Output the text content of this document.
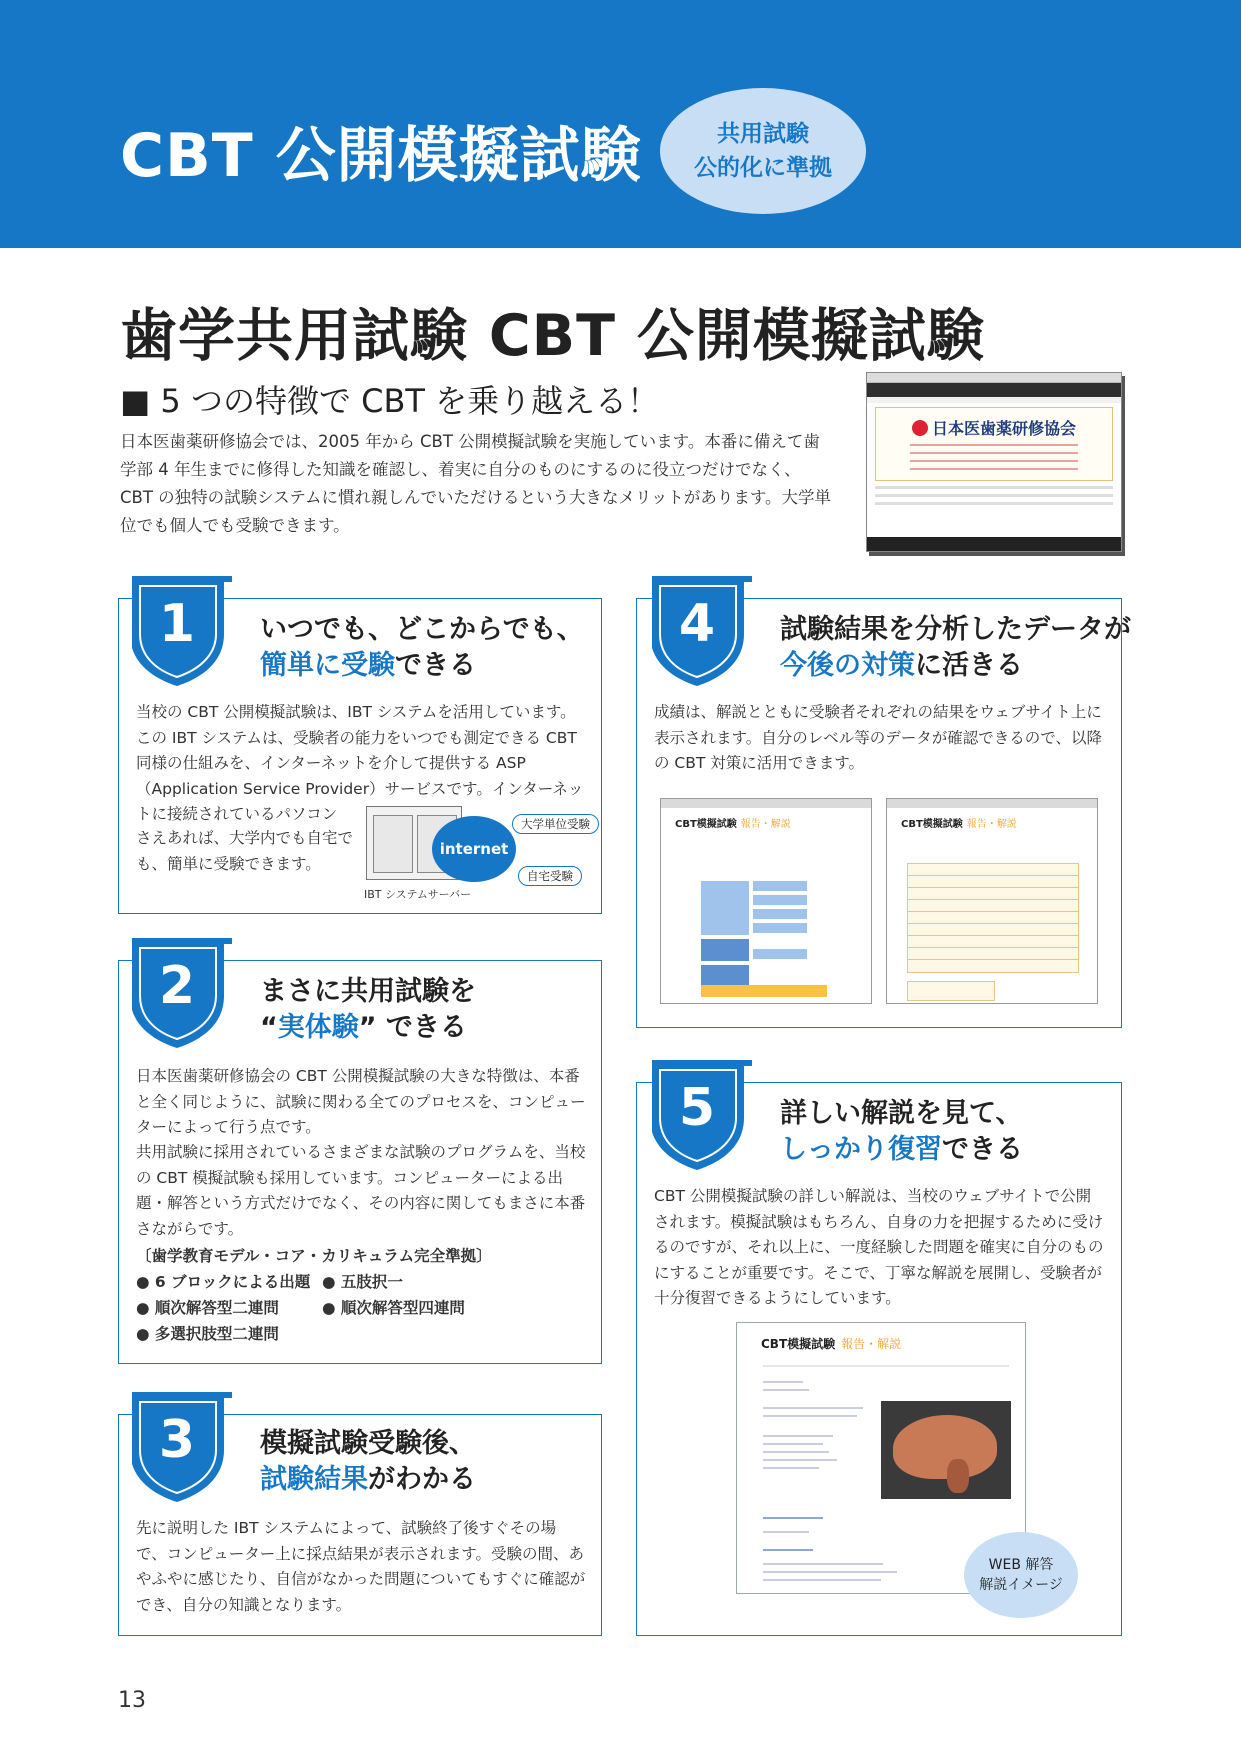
CBT 公開模擬試験	共用試験
公的化に準拠
歯学共用試験 CBT 公開模擬試験
■ 5 つの特徴で CBT を乗り越える！
日本医歯薬研修協会では、2005 年から CBT 公開模擬試験を実施しています。本番に備えて歯学部 4 年生までに修得した知識を確認し、着実に自分のものにするのに役立つだけでなく、CBT の独特の試験システムに慣れ親しんでいただけるという大きなメリットがあります。大学単位でも個人でも受験できます。
日本医歯薬研修協会
1	いつでも、どこからでも、
簡単に受験できる
当校の CBT 公開模擬試験は、IBT システムを活用しています。この IBT システムは、受験者の能力をいつでも測定できる CBT 同様の仕組みを、インターネットを介して提供する ASP（Application Service Provider）サービスです。インターネットに接続されているパソコン
さえあれば、大学内でも自宅でも、簡単に受験できます。
IBT システムサーバー
internet
大学単位受験
自宅受験
2	まさに共用試験を
“実体験” できる
日本医歯薬研修協会の CBT 公開模擬試験の大きな特徴は、本番と全く同じように、試験に関わる全てのプロセスを、コンピューターによって行う点です。
共用試験に採用されているさまざまな試験のプログラムを、当校の CBT 模擬試験も採用しています。コンピューターによる出題・解答という方式だけでなく、その内容に関してもまさに本番さながらです。
〔歯学教育モデル・コア・カリキュラム完全準拠〕
● 6 ブロックによる出題 ● 五肢択一
● 順次解答型二連問	● 順次解答型四連問
● 多選択肢型二連問
3	模擬試験受験後、
試験結果がわかる
先に説明した IBT システムによって、試験終了後すぐその場で、コンピューター上に採点結果が表示されます。受験の間、あやふやに感じたり、自信がなかった問題についてもすぐに確認ができ、自分の知識となります。
4	試験結果を分析したデータが
今後の対策に活きる
成績は、解説とともに受験者それぞれの結果をウェブサイト上に表示されます。自分のレベル等のデータが確認できるので、以降の CBT 対策に活用できます。
CBT模擬試験 報告・解説	CBT模擬試験 報告・解説
5	詳しい解説を見て、
しっかり復習できる
CBT 公開模擬試験の詳しい解説は、当校のウェブサイトで公開されます。模擬試験はもちろん、自身の力を把握するために受けるのですが、それ以上に、一度経験した問題を確実に自分のものにすることが重要です。そこで、丁寧な解説を展開し、受験者が十分復習できるようにしています。
CBT模擬試験 報告・解説
WEB 解答
解説イメージ
13
